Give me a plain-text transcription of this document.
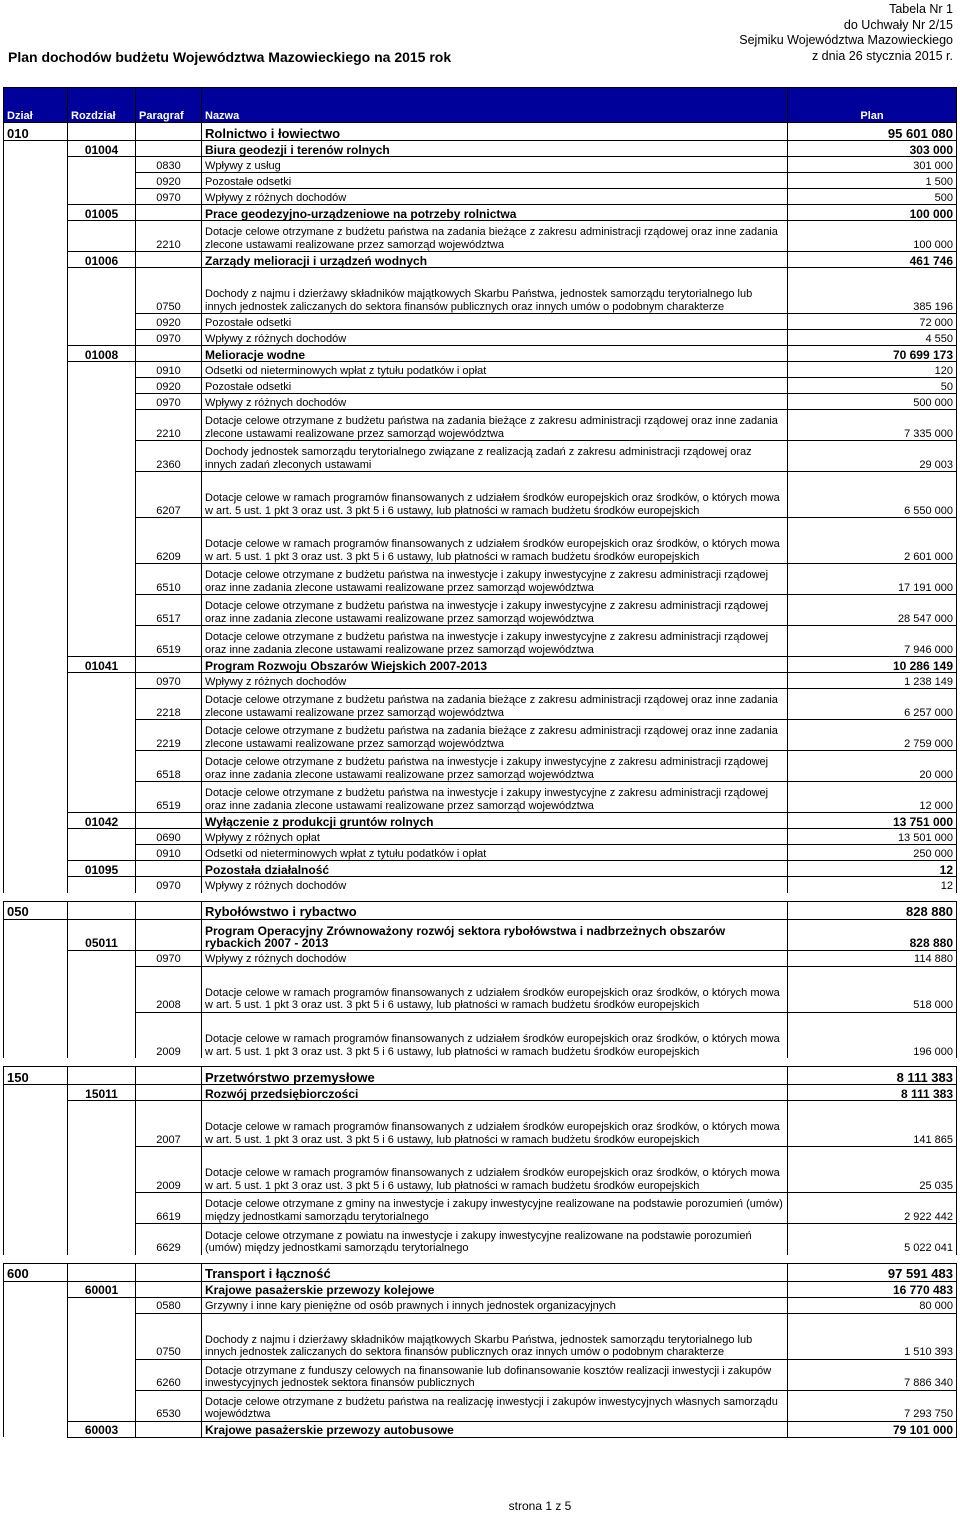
Tabela Nr 1
do Uchwały Nr 2/15
Sejmiku Województwa Mazowieckiego
z dnia 26 stycznia 2015 r.
Plan dochodów budżetu Województwa Mazowieckiego na 2015 rok
Dział	Rozdział	Paragraf	Nazwa	Plan
010			Rolnictwo i łowiectwo	95 601 080
	01004		Biura geodezji i terenów rolnych	303 000
		0830	Wpływy z usług	301 000
		0920	Pozostałe odsetki	1 500
		0970	Wpływy z różnych dochodów	500
	01005		Prace geodezyjno-urządzeniowe na potrzeby rolnictwa	100 000
		2210	Dotacje celowe otrzymane z budżetu państwa na zadania bieżące z zakresu administracji rządowej oraz inne zadania zlecone ustawami realizowane przez samorząd województwa	100 000
	01006		Zarządy melioracji i urządzeń wodnych	461 746
		0750	Dochody z najmu i dzierżawy składników majątkowych Skarbu Państwa, jednostek samorządu terytorialnego lub innych jednostek zaliczanych do sektora finansów publicznych oraz innych umów o podobnym charakterze	385 196
		0920	Pozostałe odsetki	72 000
		0970	Wpływy z różnych dochodów	4 550
	01008		Melioracje wodne	70 699 173
		0910	Odsetki od nieterminowych wpłat z tytułu podatków i opłat	120
		0920	Pozostałe odsetki	50
		0970	Wpływy z różnych dochodów	500 000
		2210	Dotacje celowe otrzymane z budżetu państwa na zadania bieżące z zakresu administracji rządowej oraz inne zadania zlecone ustawami realizowane przez samorząd województwa	7 335 000
		2360	Dochody jednostek samorządu terytorialnego związane z realizacją zadań z zakresu administracji rządowej oraz innych zadań zleconych ustawami	29 003
		6207	Dotacje celowe w ramach programów finansowanych z udziałem środków europejskich oraz środków, o których mowa w art. 5 ust. 1 pkt 3 oraz ust. 3 pkt 5 i 6 ustawy, lub płatności w ramach budżetu środków europejskich	6 550 000
		6209	Dotacje celowe w ramach programów finansowanych z udziałem środków europejskich oraz środków, o których mowa w art. 5 ust. 1 pkt 3 oraz ust. 3 pkt 5 i 6 ustawy, lub płatności w ramach budżetu środków europejskich	2 601 000
		6510	Dotacje celowe otrzymane z budżetu państwa na inwestycje i zakupy inwestycyjne z zakresu administracji rządowej oraz inne zadania zlecone ustawami realizowane przez samorząd województwa	17 191 000
		6517	Dotacje celowe otrzymane z budżetu państwa na inwestycje i zakupy inwestycyjne z zakresu administracji rządowej oraz inne zadania zlecone ustawami realizowane przez samorząd województwa	28 547 000
		6519	Dotacje celowe otrzymane z budżetu państwa na inwestycje i zakupy inwestycyjne z zakresu administracji rządowej oraz inne zadania zlecone ustawami realizowane przez samorząd województwa	7 946 000
	01041		Program Rozwoju Obszarów Wiejskich 2007-2013	10 286 149
		0970	Wpływy z różnych dochodów	1 238 149
		2218	Dotacje celowe otrzymane z budżetu państwa na zadania bieżące z zakresu administracji rządowej oraz inne zadania zlecone ustawami realizowane przez samorząd województwa	6 257 000
		2219	Dotacje celowe otrzymane z budżetu państwa na zadania bieżące z zakresu administracji rządowej oraz inne zadania zlecone ustawami realizowane przez samorząd województwa	2 759 000
		6518	Dotacje celowe otrzymane z budżetu państwa na inwestycje i zakupy inwestycyjne z zakresu administracji rządowej oraz inne zadania zlecone ustawami realizowane przez samorząd województwa	20 000
		6519	Dotacje celowe otrzymane z budżetu państwa na inwestycje i zakupy inwestycyjne z zakresu administracji rządowej oraz inne zadania zlecone ustawami realizowane przez samorząd województwa	12 000
	01042		Wyłączenie z produkcji gruntów rolnych	13 751 000
		0690	Wpływy z różnych opłat	13 501 000
		0910	Odsetki od nieterminowych wpłat z tytułu podatków i opłat	250 000
	01095		Pozostała działalność	12
		0970	Wpływy z różnych dochodów	12

050			Rybołówstwo i rybactwo	828 880
	05011		Program Operacyjny Zrównoważony rozwój sektora rybołówstwa i nadbrzeżnych obszarów rybackich 2007 - 2013	828 880
		0970	Wpływy z różnych dochodów	114 880
		2008	Dotacje celowe w ramach programów finansowanych z udziałem środków europejskich oraz środków, o których mowa w art. 5 ust. 1 pkt 3 oraz ust. 3 pkt 5 i 6 ustawy, lub płatności w ramach budżetu środków europejskich	518 000
		2009	Dotacje celowe w ramach programów finansowanych z udziałem środków europejskich oraz środków, o których mowa w art. 5 ust. 1 pkt 3 oraz ust. 3 pkt 5 i 6 ustawy, lub płatności w ramach budżetu środków europejskich	196 000

150			Przetwórstwo przemysłowe	8 111 383
	15011		Rozwój przedsiębiorczości	8 111 383
		2007	Dotacje celowe w ramach programów finansowanych z udziałem środków europejskich oraz środków, o których mowa w art. 5 ust. 1 pkt 3 oraz ust. 3 pkt 5 i 6 ustawy, lub płatności w ramach budżetu środków europejskich	141 865
		2009	Dotacje celowe w ramach programów finansowanych z udziałem środków europejskich oraz środków, o których mowa w art. 5 ust. 1 pkt 3 oraz ust. 3 pkt 5 i 6 ustawy, lub płatności w ramach budżetu środków europejskich	25 035
		6619	Dotacje celowe otrzymane z gminy na inwestycje i zakupy inwestycyjne realizowane na podstawie porozumień (umów) między jednostkami samorządu terytorialnego	2 922 442
		6629	Dotacje celowe otrzymane z powiatu na inwestycje i zakupy inwestycyjne realizowane na podstawie porozumień (umów) między jednostkami samorządu terytorialnego	5 022 041

600			Transport i łączność	97 591 483
	60001		Krajowe pasażerskie przewozy kolejowe	16 770 483
		0580	Grzywny i inne kary pieniężne od osób prawnych i innych jednostek organizacyjnych	80 000
		0750	Dochody z najmu i dzierżawy składników majątkowych Skarbu Państwa, jednostek samorządu terytorialnego lub innych jednostek zaliczanych do sektora finansów publicznych oraz innych umów o podobnym charakterze	1 510 393
		6260	Dotacje otrzymane z funduszy celowych na finansowanie lub dofinansowanie kosztów realizacji inwestycji i zakupów inwestycyjnych jednostek sektora finansów publicznych	7 886 340
		6530	Dotacje celowe otrzymane z budżetu państwa na realizację inwestycji i zakupów inwestycyjnych własnych samorządu województwa	7 293 750
	60003		Krajowe pasażerskie przewozy autobusowe	79 101 000
strona 1 z 5
